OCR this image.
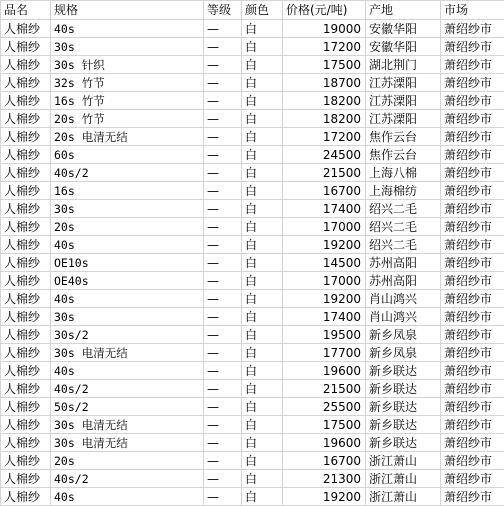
品名	规格	等级	颜色	价格(元/吨)	产地	市场
人棉纱	40s	—	白	19000	安徽华阳	萧绍纱市
人棉纱	30s	—	白	17200	安徽华阳	萧绍纱市
人棉纱	30s 针织	—	白	17500	湖北荆门	萧绍纱市
人棉纱	32s 竹节	—	白	18700	江苏溧阳	萧绍纱市
人棉纱	16s 竹节	—	白	18200	江苏溧阳	萧绍纱市
人棉纱	20s 竹节	—	白	18200	江苏溧阳	萧绍纱市
人棉纱	20s 电清无结	—	白	17200	焦作云台	萧绍纱市
人棉纱	60s	—	白	24500	焦作云台	萧绍纱市
人棉纱	40s/2	—	白	21500	上海八棉	萧绍纱市
人棉纱	16s	—	白	16700	上海棉纺	萧绍纱市
人棉纱	30s	—	白	17400	绍兴二毛	萧绍纱市
人棉纱	20s	—	白	17000	绍兴二毛	萧绍纱市
人棉纱	40s	—	白	19200	绍兴二毛	萧绍纱市
人棉纱	OE10s	—	白	14500	苏州高阳	萧绍纱市
人棉纱	OE40s	—	白	17000	苏州高阳	萧绍纱市
人棉纱	40s	—	白	19200	肖山鸿兴	萧绍纱市
人棉纱	30s	—	白	17400	肖山鸿兴	萧绍纱市
人棉纱	30s/2	—	白	19500	新乡凤泉	萧绍纱市
人棉纱	30s 电清无结	—	白	17700	新乡凤泉	萧绍纱市
人棉纱	40s	—	白	19600	新乡联达	萧绍纱市
人棉纱	40s/2	—	白	21500	新乡联达	萧绍纱市
人棉纱	50s/2	—	白	25500	新乡联达	萧绍纱市
人棉纱	30s 电清无结	—	白	17500	新乡联达	萧绍纱市
人棉纱	30s 电清无结	—	白	19600	新乡联达	萧绍纱市
人棉纱	20s	—	白	16700	浙江萧山	萧绍纱市
人棉纱	40s/2	—	白	21300	浙江萧山	萧绍纱市
人棉纱	40s	—	白	19200	浙江萧山	萧绍纱市
